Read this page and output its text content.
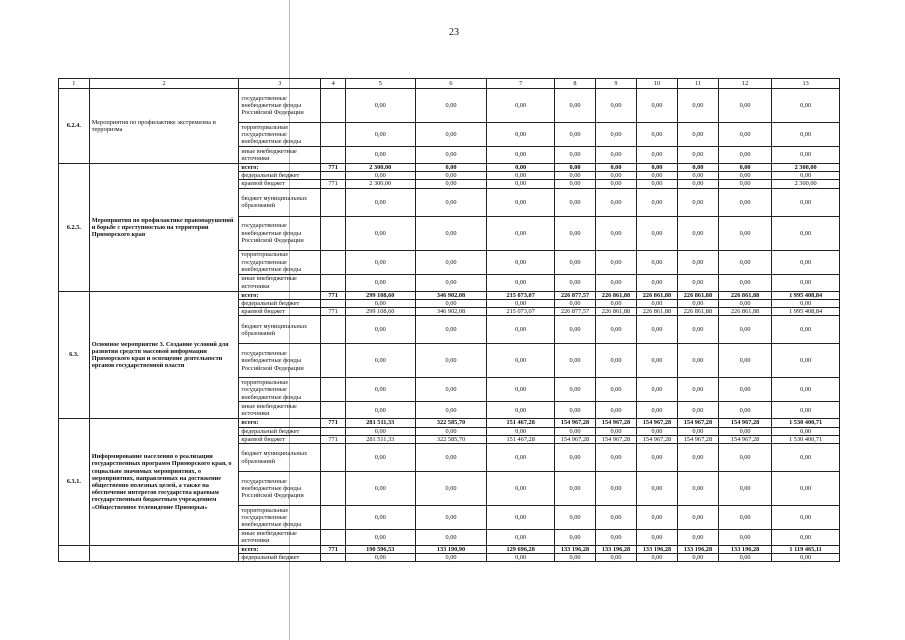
23
1	2	3	4	5	6	7	8	9	10	11	12	13
6.2.4.	Мероприятия по профилактике экстремизма и терроризма	государственные внебюджетные фонды Российской Федерации		0,00	0,00	0,00	0,00	0,00	0,00	0,00	0,00	0,00
		территориальные государственные внебюджетные фонды		0,00	0,00	0,00	0,00	0,00	0,00	0,00	0,00	0,00
		иные внебюджетные источники		0,00	0,00	0,00	0,00	0,00	0,00	0,00	0,00	0,00
6.2.5.	Мероприятия по профилактике правонарушений и борьбе с преступностью на территории Приморского края	всего:	771	2 300,00	0,00	0,00	0,00	0,00	0,00	0,00	0,00	2 300,00
		федеральный бюджет		0,00	0,00	0,00	0,00	0,00	0,00	0,00	0,00	0,00
		краевой бюджет	771	2 300,00	0,00	0,00	0,00	0,00	0,00	0,00	0,00	2 300,00
		бюджет муниципальных образований		0,00	0,00	0,00	0,00	0,00	0,00	0,00	0,00	0,00
		государственные внебюджетные фонды Российской Федерации		0,00	0,00	0,00	0,00	0,00	0,00	0,00	0,00	0,00
		территориальные государственные внебюджетные фонды		0,00	0,00	0,00	0,00	0,00	0,00	0,00	0,00	0,00
		иные внебюджетные источники		0,00	0,00	0,00	0,00	0,00	0,00	0,00	0,00	0,00
6.3.	Основное мероприятие 3. Создание условий для развития средств массовой информации Приморского края и освещение деятельности органов государственной власти	всего:	771	299 108,60	346 902,08	215 073,07	226 877,57	226 861,88	226 861,88	226 861,88	226 861,88	1 995 408,84
		федеральный бюджет		0,00	0,00	0,00	0,00	0,00	0,00	0,00	0,00	0,00
		краевой бюджет	771	299 108,60	346 902,08	215 073,07	226 877,57	226 861,88	226 861,88	226 861,88	226 861,88	1 995 408,84
		бюджет муниципальных образований		0,00	0,00	0,00	0,00	0,00	0,00	0,00	0,00	0,00
		государственные внебюджетные фонды Российской Федерации		0,00	0,00	0,00	0,00	0,00	0,00	0,00	0,00	0,00
		территориальные государственные внебюджетные фонды		0,00	0,00	0,00	0,00	0,00	0,00	0,00	0,00	0,00
		иные внебюджетные источники		0,00	0,00	0,00	0,00	0,00	0,00	0,00	0,00	0,00
6.3.1.	Информирование населения о реализации государственных программ Приморского края, о социально значимых мероприятиях, о мероприятиях, направленных на достижение общественно полезных целей, а также на обеспечение интересов государства краевым государственным бюджетным учреждением «Общественное телевидение Приморья»	всего:	771	281 511,33	322 585,70	151 467,28	154 967,28	154 967,28	154 967,28	154 967,28	154 967,28	1 530 400,71
		федеральный бюджет		0,00	0,00	0,00	0,00	0,00	0,00	0,00	0,00	0,00
		краевой бюджет	771	281 511,33	322 585,70	151 467,28	154 967,28	154 967,28	154 967,28	154 967,28	154 967,28	1 530 400,71
		бюджет муниципальных образований		0,00	0,00	0,00	0,00	0,00	0,00	0,00	0,00	0,00
		государственные внебюджетные фонды Российской Федерации		0,00	0,00	0,00	0,00	0,00	0,00	0,00	0,00	0,00
		территориальные государственные внебюджетные фонды		0,00	0,00	0,00	0,00	0,00	0,00	0,00	0,00	0,00
		иные внебюджетные источники		0,00	0,00	0,00	0,00	0,00	0,00	0,00	0,00	0,00
		всего:	771	190 596,53	133 190,90	129 696,28	133 196,28	133 196,28	133 196,28	133 196,28	133 196,28	1 119 465,11
		федеральный бюджет		0,00	0,00	0,00	0,00	0,00	0,00	0,00	0,00	0,00
